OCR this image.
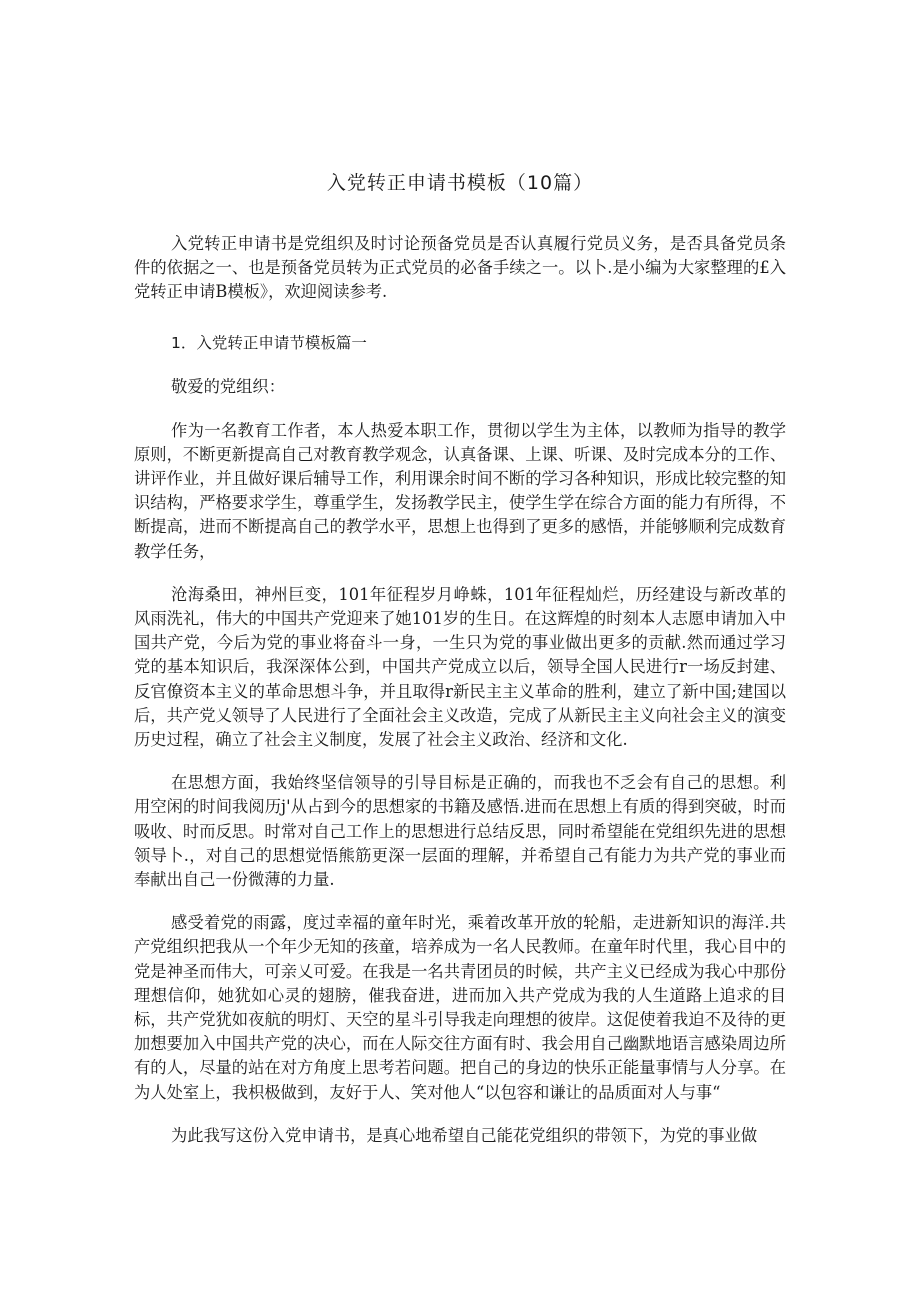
入党转正申请书模板（10篇）

入党转正申请书是党组织及时讨论预备党员是否认真履行党员义务，是否具备党员条件的依据之一、也是预备党员转为正式党员的必备手续之一。以卜.是小编为大家整理的£入党转正申请B模板》，欢迎阅读参考.

1．入党转正申请节模板篇一

敬爱的党组织：

作为一名教育工作者，本人热爱本职工作，贯彻以学生为主体，以教师为指导的教学原则，不断更新提高自己对教育教学观念，认真备课、上课、听课、及时完成本分的工作、讲评作业，并且做好课后辅导工作，利用课余时间不断的学习各种知识，形成比较完整的知识结构，严格要求学生，尊重学生，发扬教学民主，使学生学在综合方面的能力有所得，不断提高，进而不断提高自己的教学水平，思想上也得到了更多的感悟，并能够顺利完成数育教学任务，

沧海桑田，神州巨变，101年征程岁月峥蛛，101年征程灿烂，历经建设与新改革的风雨洗礼，伟大的中国共产党迎来了她101岁的生日。在这辉煌的时刻本人志愿申请加入中国共产党，今后为党的事业将奋斗一身，一生只为党的事业做出更多的贡献.然而通过学习党的基本知识后，我深深体公到，中国共产党成立以后，领导全国人民进行r一场反封建、反官僚资本主义的革命思想斗争，并且取得r新民主主义革命的胜利，建立了新中国;建国以后，共产党乂领导了人民进行了全面社会主义改造，完成了从新民主主义向社会主义的演变历史过程，确立了社会主义制度，发展了社会主义政治、经济和文化.

在思想方面，我始终坚信领导的引导目标是正确的，而我也不乏会有自己的思想。利用空闲的时间我阅历j'从占到今的思想家的书籍及感悟.进而在思想上有质的得到突破，时而吸收、时而反思。时常对自己工作上的思想进行总结反思，同时希望能在党组织先进的思想领导卜.，对自己的思想觉悟熊筋更深一层面的理解，并希望自己有能力为共产党的事业而奉献出自己一份微薄的力量.

感受着党的雨露，度过幸福的童年时光，乘着改革开放的轮船，走进新知识的海洋.共产党组织把我从一个年少无知的孩童，培养成为一名人民教师。在童年时代里，我心目中的党是神圣而伟大，可亲乂可爱。在我是一名共青团员的时候，共产主义已经成为我心中那份理想信仰，她犹如心灵的翅膀，催我奋进，进而加入共产党成为我的人生道路上追求的目标，共产党犹如夜航的明灯、天空的星斗引导我走向理想的彼岸。这促使着我迫不及待的更加想要加入中国共产党的决心，而在人际交往方面有时、我会用自己幽默地语言感染周边所有的人，尽量的站在对方角度上思考若问题。把自己的身边的快乐正能量事情与人分享。在为人处室上，我枳极做到，友好于人、笑对他人“以包容和谦让的品质面对人与事“

为此我写这份入党申请书，是真心地希望自己能花党组织的带领下，为党的事业做
